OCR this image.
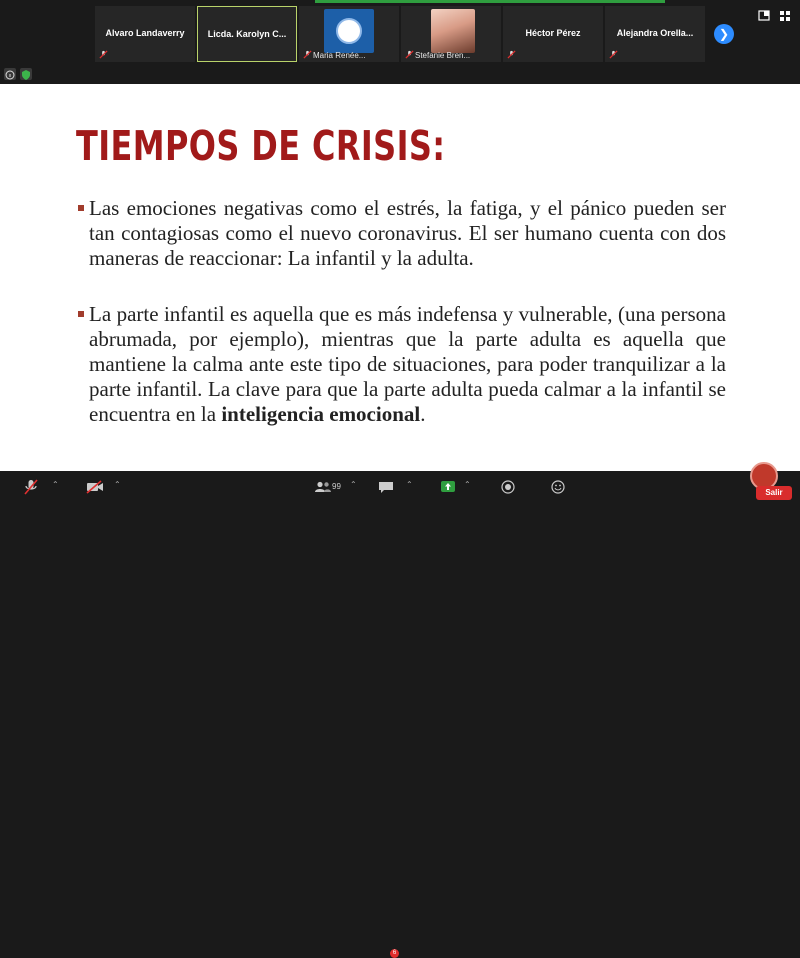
Alvaro Landaverry	Licda. Karolyn C...
Maria Renée...	Stefanie Bren...
Héctor Pérez	Alejandra Orella...	❯
TIEMPOS DE CRISIS:
Las emociones negativas como el estrés, la fatiga, y el pánico pueden ser tan contagiosas como el nuevo coronavirus. El ser humano cuenta con dos maneras de reaccionar: La infantil y la adulta.
La parte infantil es aquella que es más indefensa y vulnerable, (una persona abrumada, por ejemplo), mientras que la parte adulta es aquella que mantiene la calma ante este tipo de situaciones, para poder tranquilizar a la parte infantil. La clave para que la parte adulta pueda calmar a la infantil se encuentra en la inteligencia emocional.
⌃	⌃	99 ⌃
6
⌃	⌃
Salir
